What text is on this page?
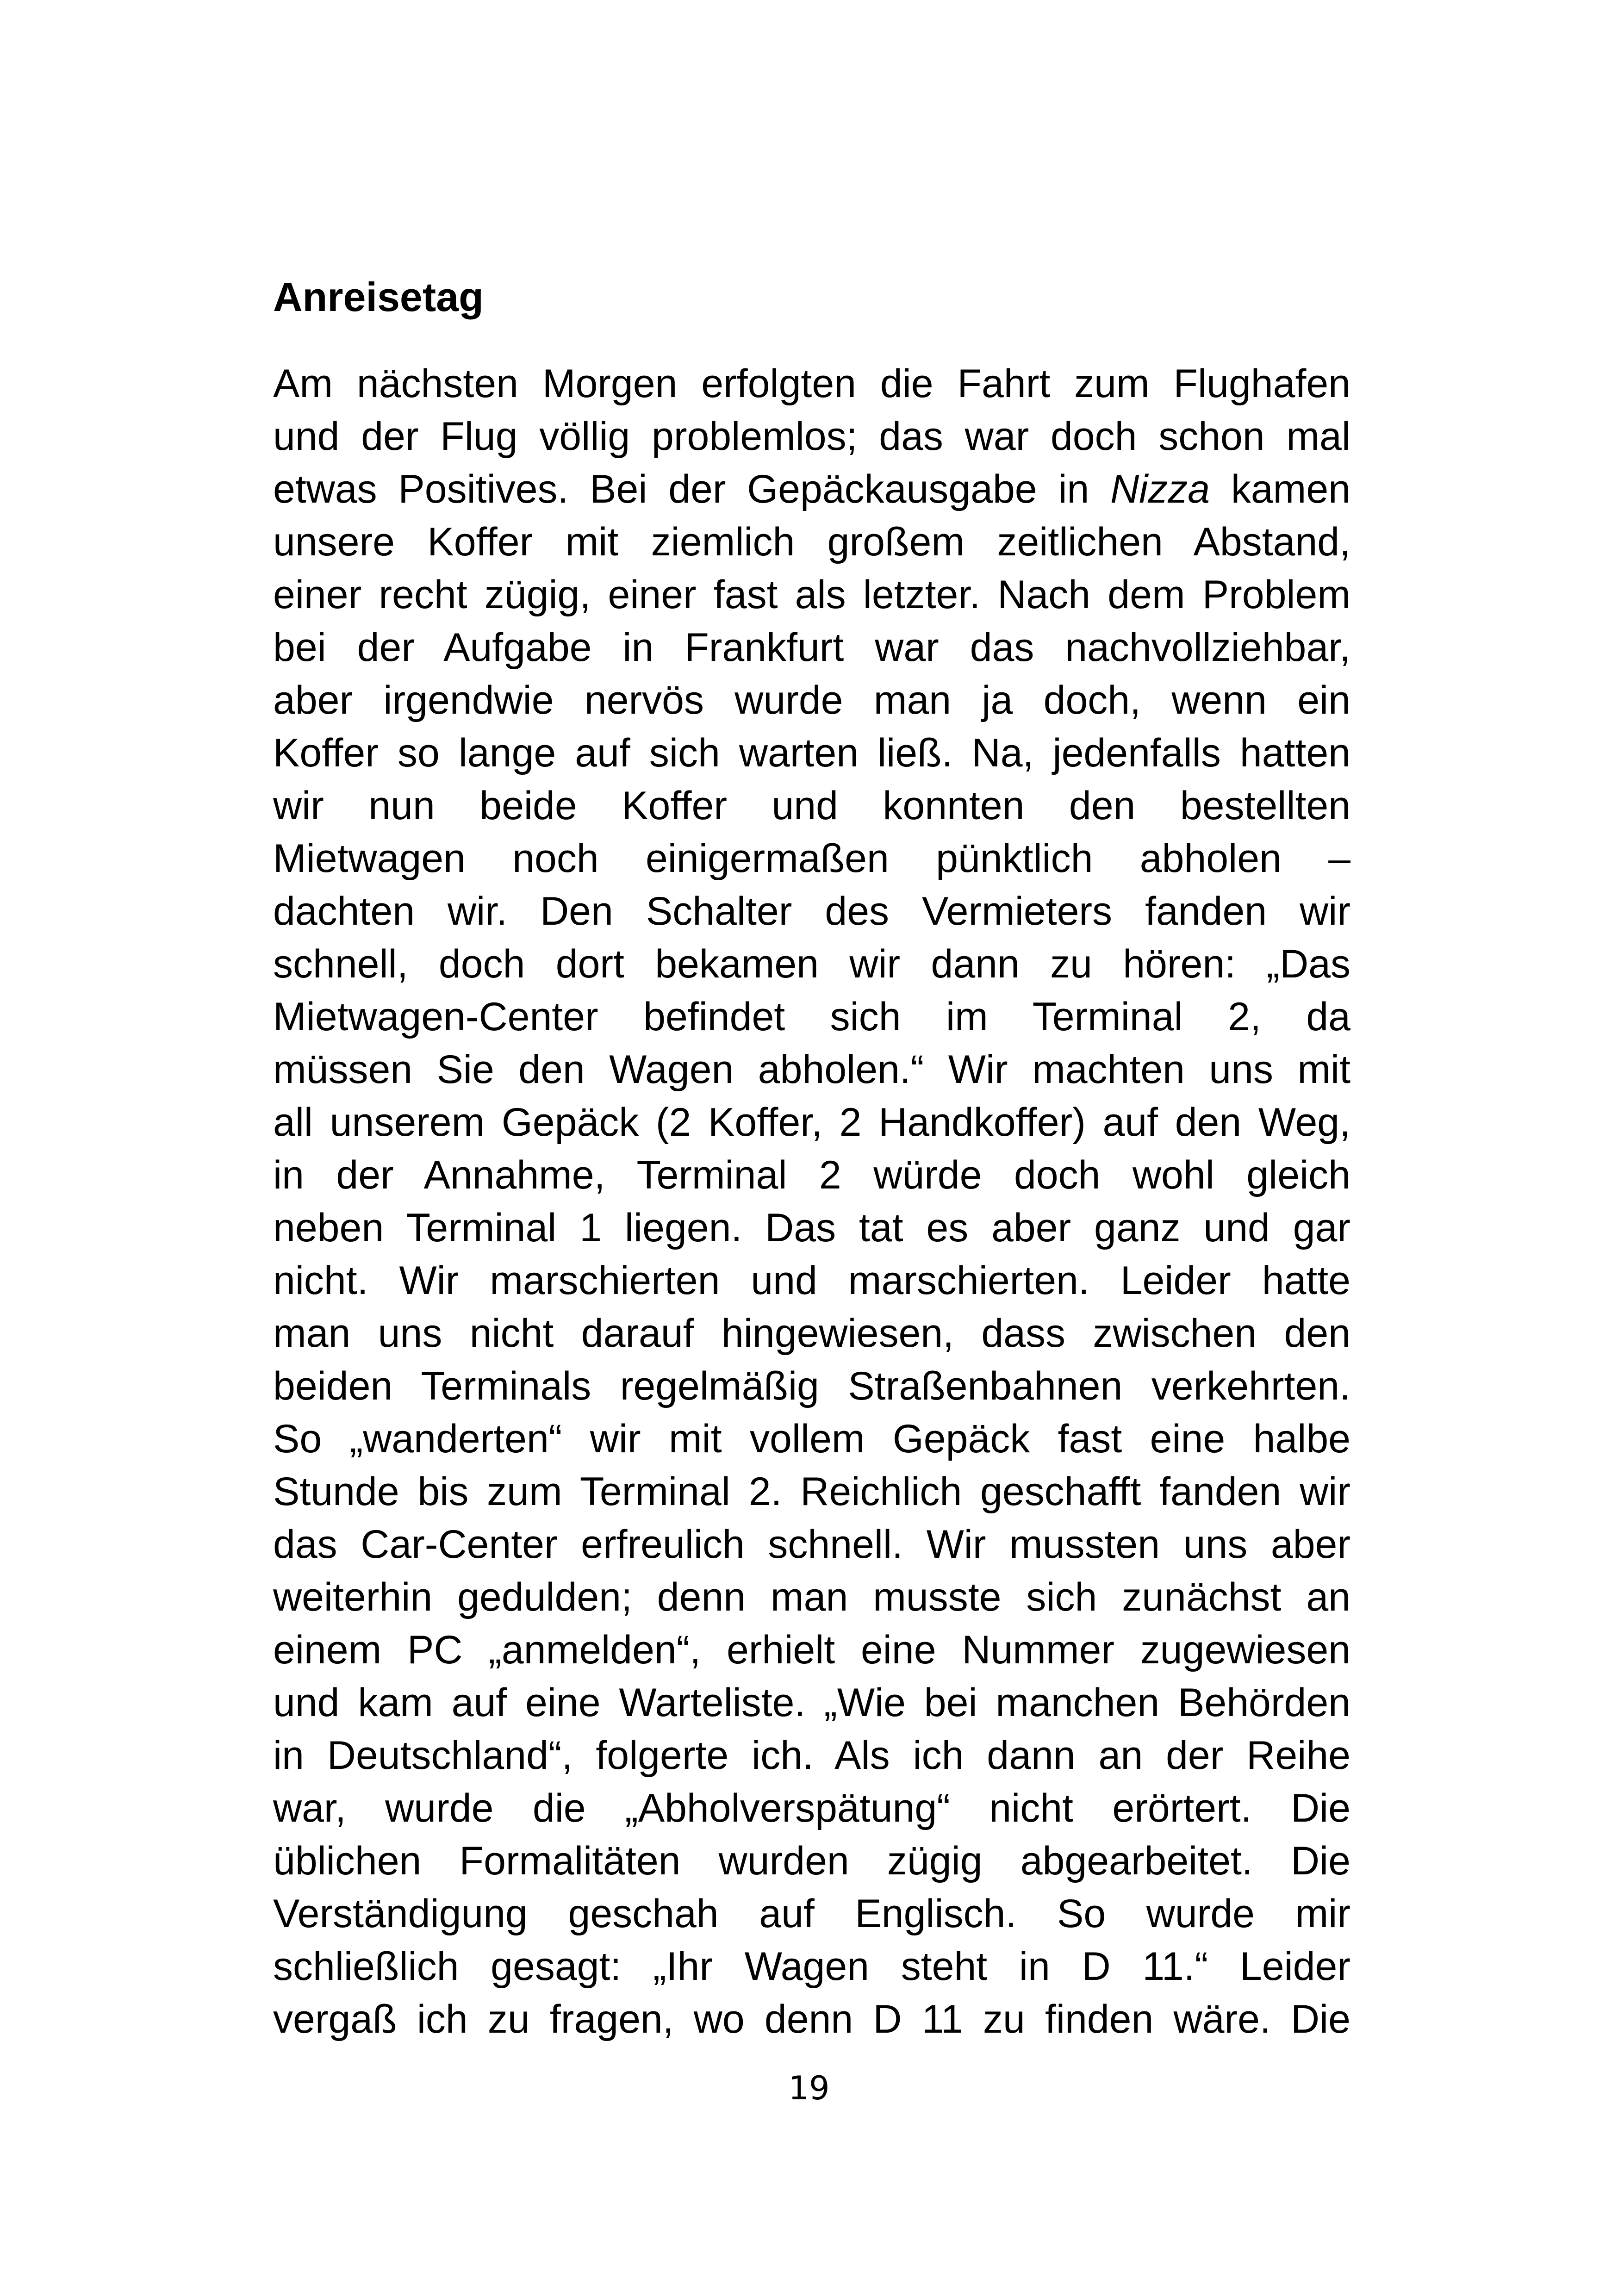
Anreisetag
Am nächsten Morgen erfolgten die Fahrt zum Flughafen
und der Flug völlig problemlos; das war doch schon mal
etwas Positives. Bei der Gepäckausgabe in Nizza kamen
unsere Koffer mit ziemlich großem zeitlichen Abstand,
einer recht zügig, einer fast als letzter. Nach dem Problem
bei der Aufgabe in Frankfurt war das nachvollziehbar,
aber irgendwie nervös wurde man ja doch, wenn ein
Koffer so lange auf sich warten ließ. Na, jedenfalls hatten
wir nun beide Koffer und konnten den bestellten
Mietwagen noch einigermaßen pünktlich abholen –
dachten wir. Den Schalter des Vermieters fanden wir
schnell, doch dort bekamen wir dann zu hören: „Das
Mietwagen-Center befindet sich im Terminal 2, da
müssen Sie den Wagen abholen.“ Wir machten uns mit
all unserem Gepäck (2 Koffer, 2 Handkoffer) auf den Weg,
in der Annahme, Terminal 2 würde doch wohl gleich
neben Terminal 1 liegen. Das tat es aber ganz und gar
nicht. Wir marschierten und marschierten. Leider hatte
man uns nicht darauf hingewiesen, dass zwischen den
beiden Terminals regelmäßig Straßenbahnen verkehrten.
So „wanderten“ wir mit vollem Gepäck fast eine halbe
Stunde bis zum Terminal 2. Reichlich geschafft fanden wir
das Car-Center erfreulich schnell. Wir mussten uns aber
weiterhin gedulden; denn man musste sich zunächst an
einem PC „anmelden“, erhielt eine Nummer zugewiesen
und kam auf eine Warteliste. „Wie bei manchen Behörden
in Deutschland“, folgerte ich. Als ich dann an der Reihe
war, wurde die „Abholverspätung“ nicht erörtert. Die
üblichen Formalitäten wurden zügig abgearbeitet. Die
Verständigung geschah auf Englisch. So wurde mir
schließlich gesagt: „Ihr Wagen steht in D 11.“ Leider
vergaß ich zu fragen, wo denn D 11 zu finden wäre. Die

19
